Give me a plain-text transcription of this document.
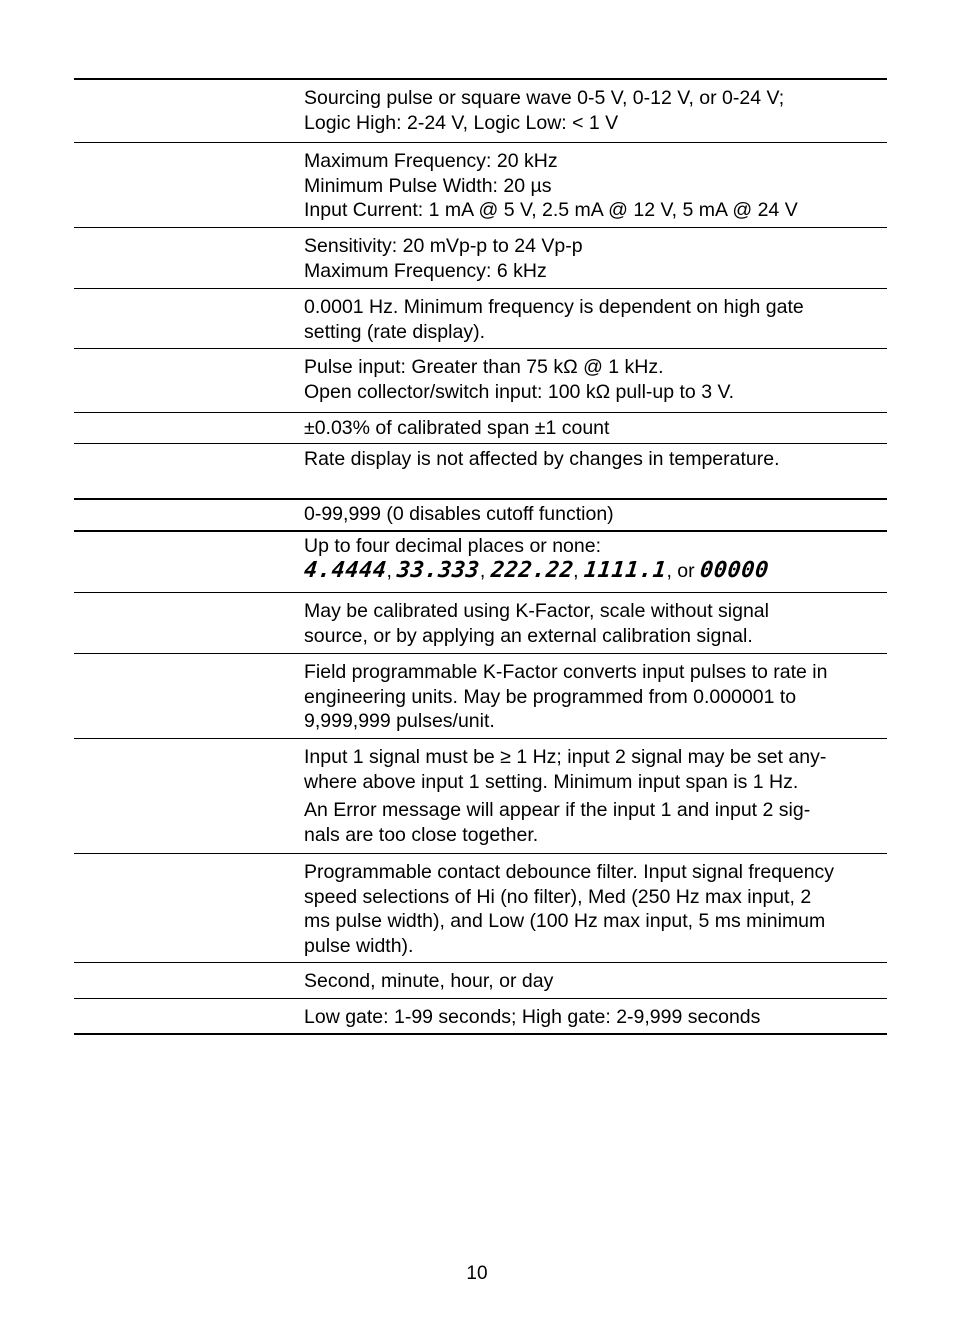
Sourcing pulse or square wave 0-5 V, 0-12 V, or 0-24 V;
Logic High: 2-24 V, Logic Low: < 1 V
Maximum Frequency: 20 kHz
Minimum Pulse Width: 20 µs
Input Current: 1 mA @ 5 V, 2.5 mA @ 12 V, 5 mA @ 24 V
Sensitivity: 20 mVp-p to 24 Vp-p
Maximum Frequency: 6 kHz
0.0001 Hz. Minimum frequency is dependent on high gate
setting (rate display).
Pulse input: Greater than 75 kΩ @ 1 kHz.
Open collector/switch input: 100 kΩ pull-up to 3 V.
±0.03% of calibrated span ±1 count
Rate display is not affected by changes in temperature.
0-99,999 (0 disables cutoff function)
Up to four decimal places or none:
4.4444, 33.333, 222.22, 1111.1, or 00000
May be calibrated using K-Factor, scale without signal
source, or by applying an external calibration signal.
Field programmable K-Factor converts input pulses to rate in
engineering units. May be programmed from 0.000001 to
9,999,999 pulses/unit.
Input 1 signal must be ≥ 1 Hz; input 2 signal may be set any-
where above input 1 setting. Minimum input span is 1 Hz.
An Error message will appear if the input 1 and input 2 sig-
nals are too close together.
Programmable contact debounce filter. Input signal frequency
speed selections of Hi (no filter), Med (250 Hz max input, 2
ms pulse width), and Low (100 Hz max input, 5 ms minimum
pulse width).
Second, minute, hour, or day
Low gate: 1-99 seconds; High gate: 2-9,999 seconds
10
